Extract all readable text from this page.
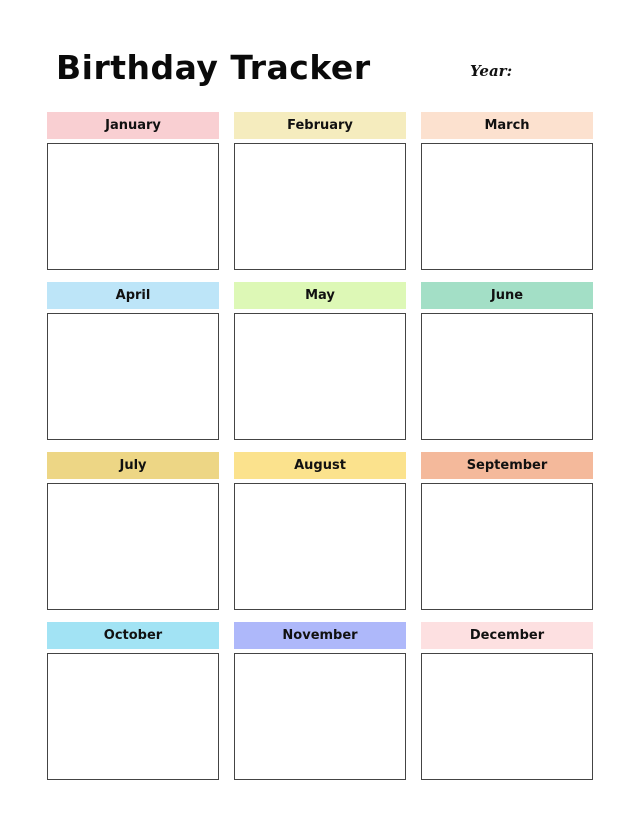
Birthday Tracker	Year:
January	February	March
April	May	June
July	August	September
October	November	December
